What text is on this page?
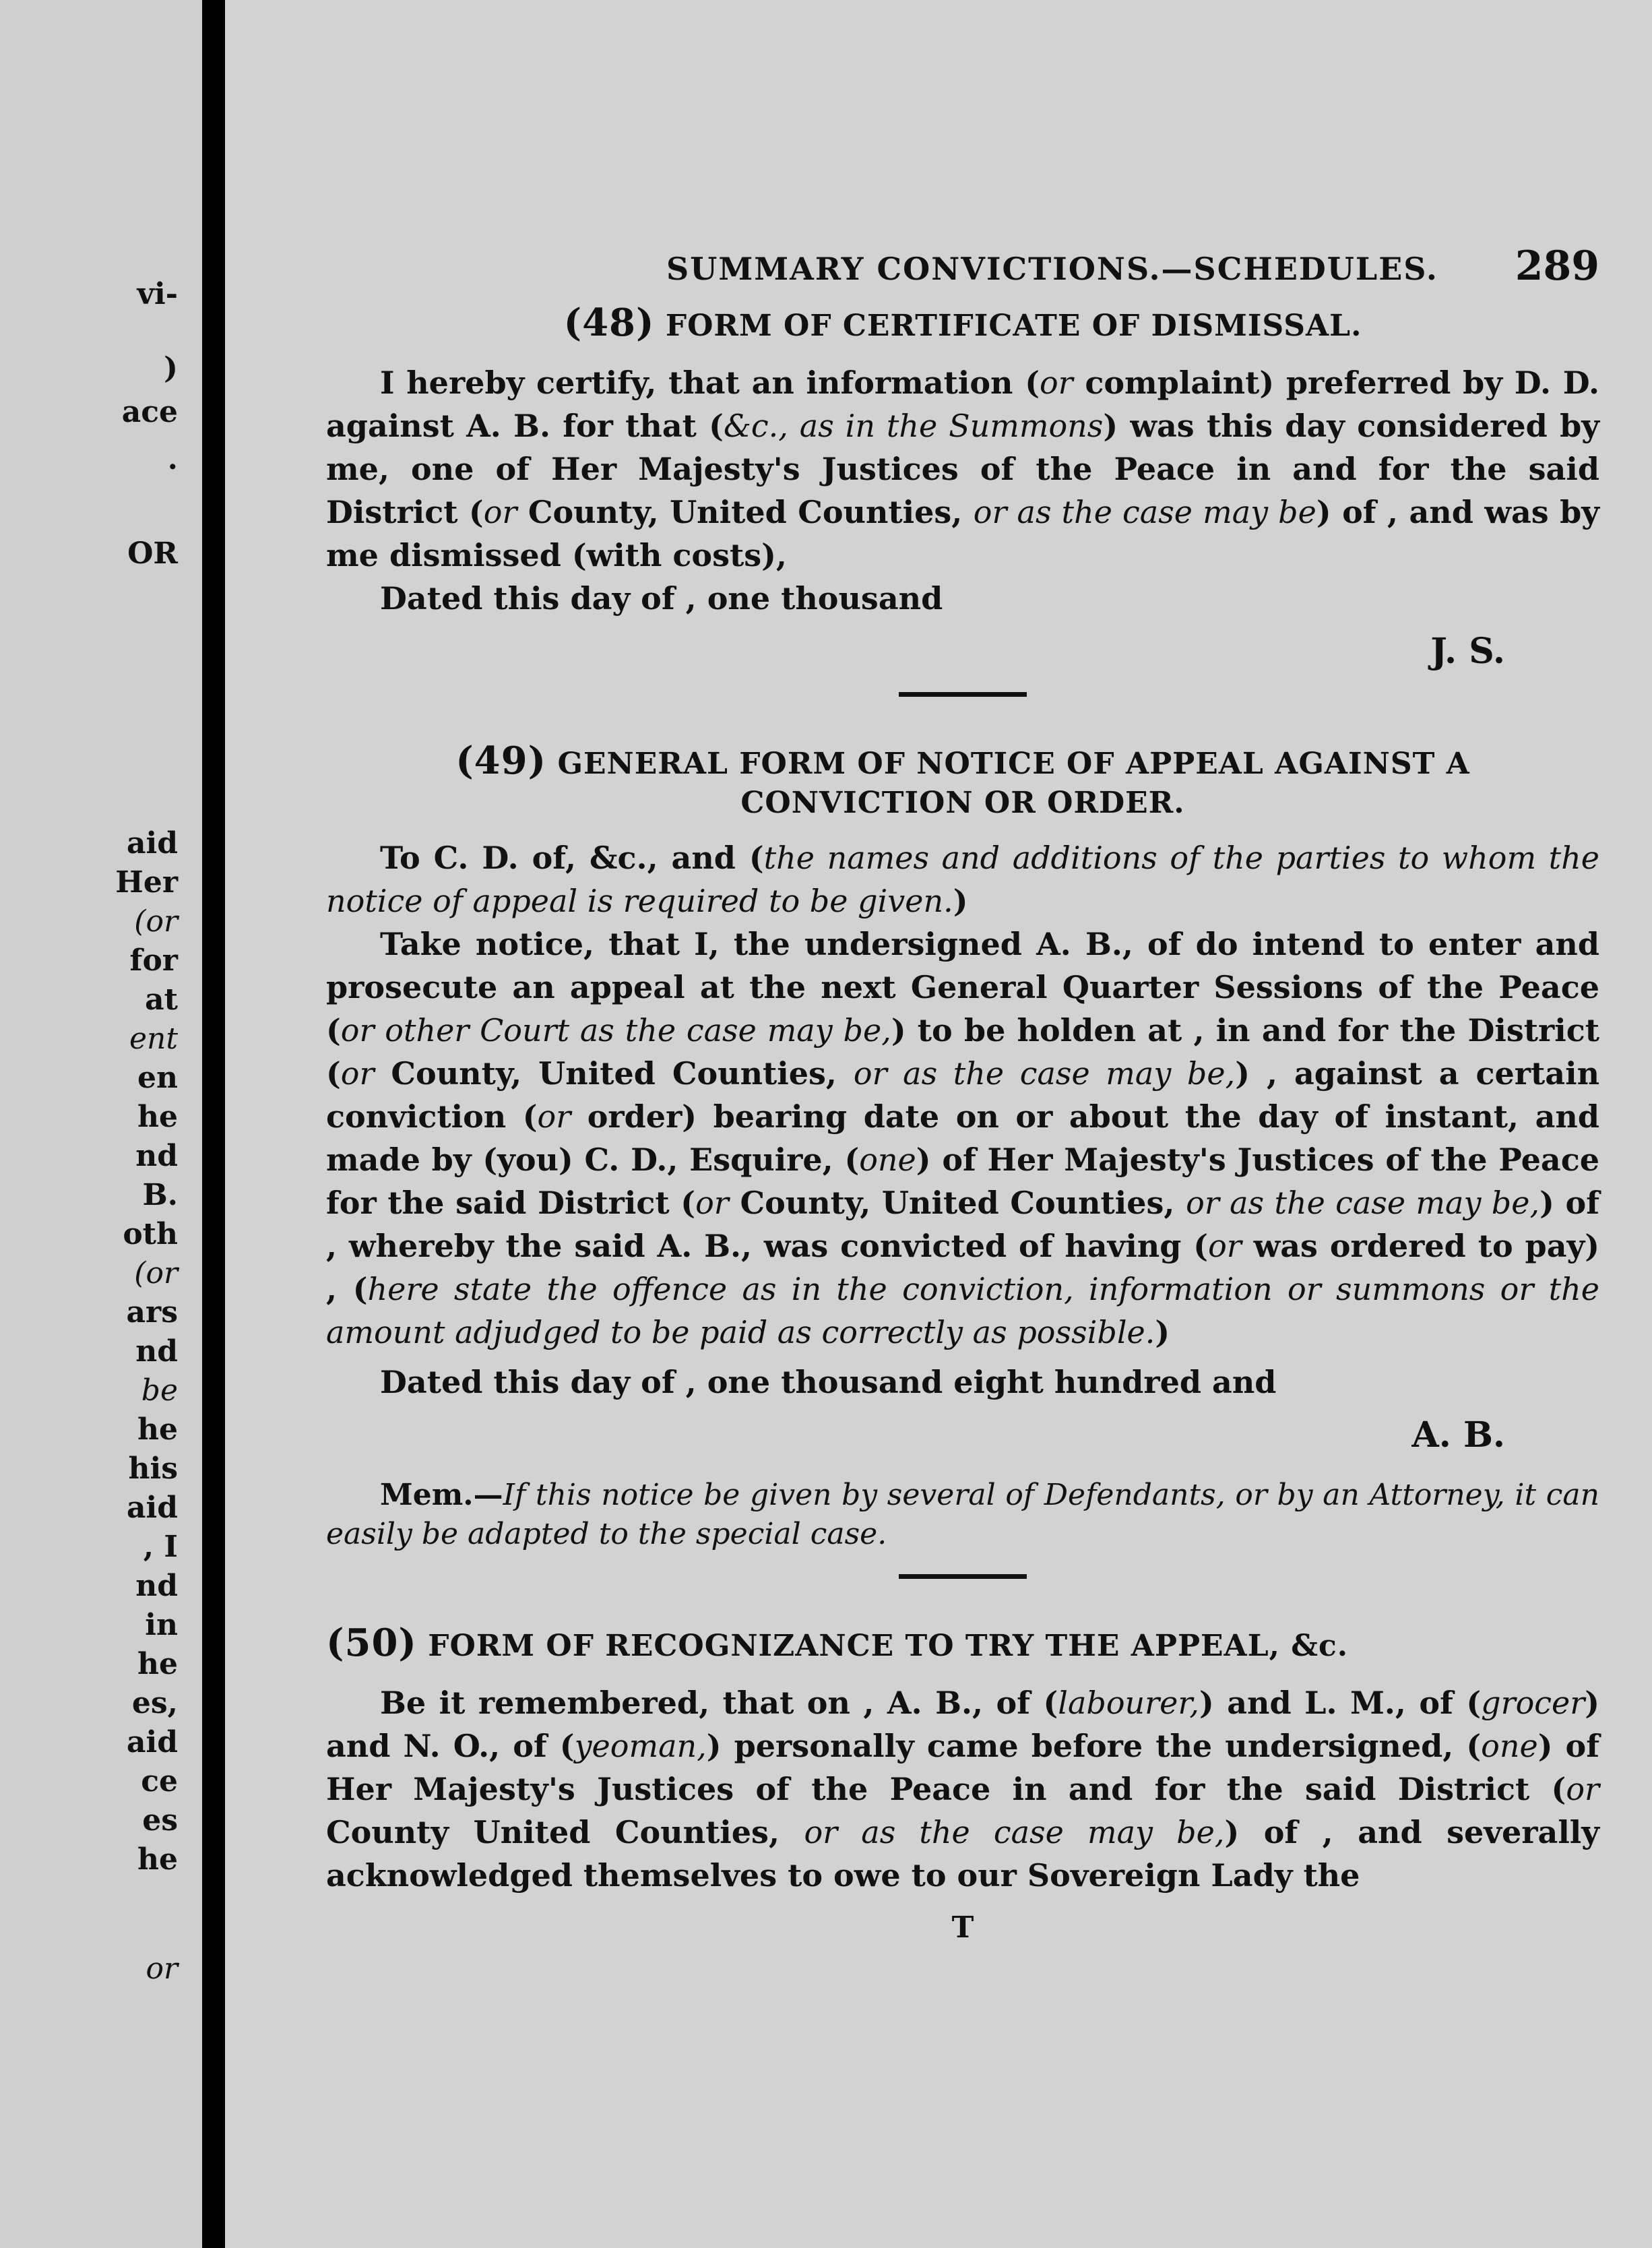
vi-
)
ace
.
OR
aid
Her
(or
for
at
ent
en
he
nd
B.
oth
(or
ars
nd
be
he
his
aid
, I
nd
in
he
es,
aid
ce
es
he
or
SUMMARY CONVICTIONS.—SCHEDULES. 289
(48) FORM OF CERTIFICATE OF DISMISSAL.

I hereby certify, that an information (or complaint) preferred by D. D. against A. B. for that (&c., as in the Summons) was this day considered by me, one of Her Majesty's Justices of the Peace in and for the said District (or County, United Counties, or as the case may be) of , and was by me dismissed (with costs),

Dated this day of , one thousand

J. S.
(49) GENERAL FORM OF NOTICE OF APPEAL AGAINST A
CONVICTION OR ORDER.

To C. D. of, &c., and (the names and additions of the parties to whom the notice of appeal is required to be given.)

Take notice, that I, the undersigned A. B., of do intend to enter and prosecute an appeal at the next General Quarter Sessions of the Peace (or other Court as the case may be,) to be holden at , in and for the District (or County, United Counties, or as the case may be,) , against a certain conviction (or order) bearing date on or about the day of instant, and made by (you) C. D., Esquire, (one) of Her Majesty's Justices of the Peace for the said District (or County, United Counties, or as the case may be,) of , whereby the said A. B., was convicted of having (or was ordered to pay) , (here state the offence as in the conviction, information or summons or the amount adjudged to be paid as correctly as possible.)

Dated this day of , one thousand eight hundred and

A. B.

Mem.—If this notice be given by several of Defendants, or by an Attorney, it can easily be adapted to the special case.

(50) FORM OF RECOGNIZANCE TO TRY THE APPEAL, &c.

Be it remembered, that on , A. B., of (labourer,) and L. M., of (grocer) and N. O., of (yeoman,) personally came before the undersigned, (one) of Her Majesty's Justices of the Peace in and for the said District (or County United Counties, or as the case may be,) of , and severally acknowledged themselves to owe to our Sovereign Lady the

T
